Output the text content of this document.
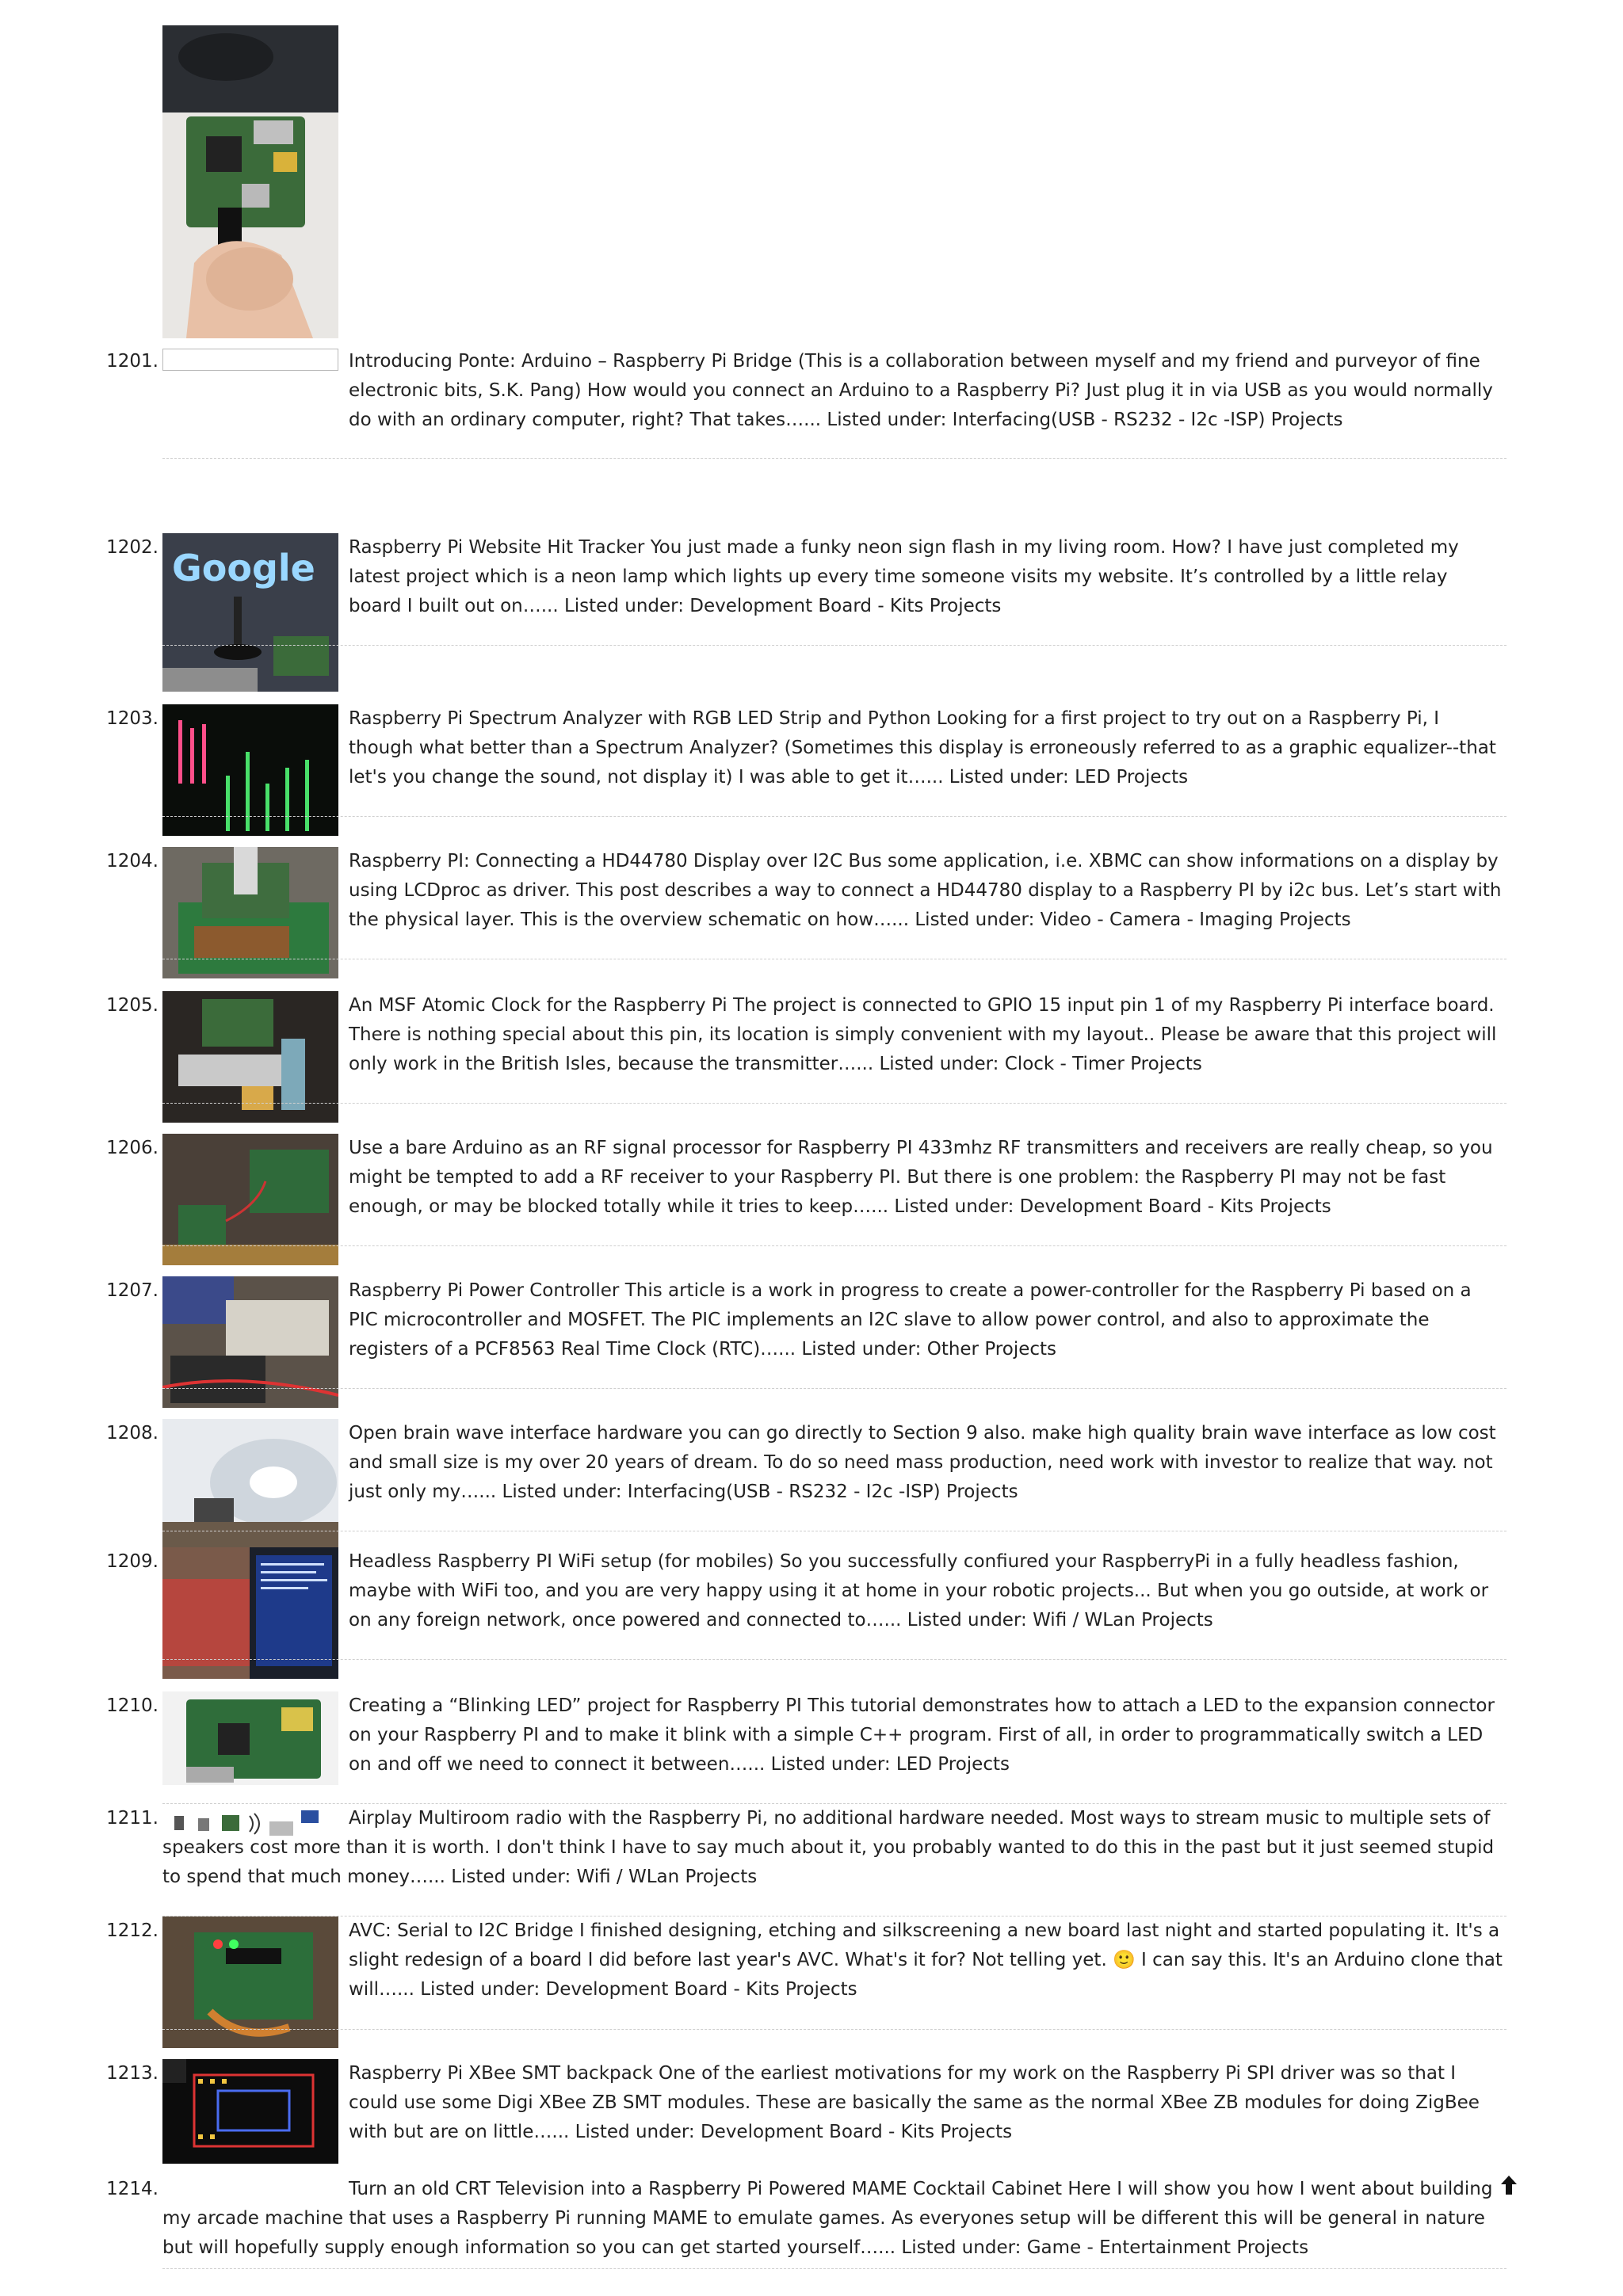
1201.	Introducing Ponte: Arduino – Raspberry Pi Bridge (This is a collaboration between myself and my friend and purveyor of fine electronic bits, S.K. Pang) How would you connect an Arduino to a Raspberry Pi? Just plug it in via USB as you would normally do with an ordinary computer, right? That takes…... Listed under: Interfacing(USB - RS232 - I2c -ISP) Projects

1202. Google Raspberry Pi Website Hit Tracker You just made a funky neon sign flash in my living room. How? I have just completed my latest project which is a neon lamp which lights up every time someone visits my website. It’s controlled by a little relay board I built out on…... Listed under: Development Board - Kits Projects

1203.	Raspberry Pi Spectrum Analyzer with RGB LED Strip and Python Looking for a first project to try out on a Raspberry Pi, I though what better than a Spectrum Analyzer? (Sometimes this display is erroneously referred to as a graphic equalizer--that let's you change the sound, not display it) I was able to get it…... Listed under: LED Projects

1204.	Raspberry PI: Connecting a HD44780 Display over I2C Bus some application, i.e. XBMC can show informations on a display by using LCDproc as driver. This post describes a way to connect a HD44780 display to a Raspberry PI by i2c bus. Let’s start with the physical layer. This is the overview schematic on how…... Listed under: Video - Camera - Imaging Projects

1205.	An MSF Atomic Clock for the Raspberry Pi The project is connected to GPIO 15 input pin 1 of my Raspberry Pi interface board. There is nothing special about this pin, its location is simply convenient with my layout.. Please be aware that this project will only work in the British Isles, because the transmitter…... Listed under: Clock - Timer Projects

1206.	Use a bare Arduino as an RF signal processor for Raspberry PI 433mhz RF transmitters and receivers are really cheap, so you might be tempted to add a RF receiver to your Raspberry PI. But there is one problem: the Raspberry PI may not be fast enough, or may be blocked totally while it tries to keep…... Listed under: Development Board - Kits Projects

1207.	Raspberry Pi Power Controller This article is a work in progress to create a power-controller for the Raspberry Pi based on a PIC microcontroller and MOSFET. The PIC implements an I2C slave to allow power control, and also to approximate the registers of a PCF8563 Real Time Clock (RTC)…... Listed under: Other Projects

1208.	Open brain wave interface hardware you can go directly to Section 9 also. make high quality brain wave interface as low cost and small size is my over 20 years of dream. To do so need mass production, need work with investor to realize that way. not just only my…... Listed under: Interfacing(USB - RS232 - I2c -ISP) Projects

1209.	Headless Raspberry PI WiFi setup (for mobiles) So you successfully confiured your RaspberryPi in a fully headless fashion, maybe with WiFi too, and you are very happy using it at home in your robotic projects... But when you go outside, at work or on any foreign network, once powered and connected to…... Listed under: Wifi / WLan Projects

1210.	Creating a “Blinking LED” project for Raspberry PI This tutorial demonstrates how to attach a LED to the expansion connector on your Raspberry PI and to make it blink with a simple C++ program. First of all, in order to programmatically switch a LED on and off we need to connect it between…... Listed under: LED Projects

1211.	Airplay Multiroom radio with the Raspberry Pi, no additional hardware needed. Most ways to stream music to multiple sets of speakers cost more than it is worth. I don't think I have to say much about it, you probably wanted to do this in the past but it just seemed stupid to spend that much money…... Listed under: Wifi / WLan Projects

1212.	AVC: Serial to I2C Bridge I finished designing, etching and silkscreening a new board last night and started populating it. It's a slight redesign of a board I did before last year's AVC. What's it for? Not telling yet. 🙂 I can say this. It's an Arduino clone that will…... Listed under: Development Board - Kits Projects

1213.	Raspberry Pi XBee SMT backpack One of the earliest motivations for my work on the Raspberry Pi SPI driver was so that I could use some Digi XBee ZB SMT modules. These are basically the same as the normal XBee ZB modules for doing ZigBee with but are on little…... Listed under: Development Board - Kits Projects

1214.	Turn an old CRT Television into a Raspberry Pi Powered MAME Cocktail Cabinet Here I will show you how I went about building my arcade machine that uses a Raspberry Pi running MAME to emulate games. As everyones setup will be different this will be general in nature but will hopefully supply enough information so you can get started yourself…... Listed under: Game - Entertainment Projects
